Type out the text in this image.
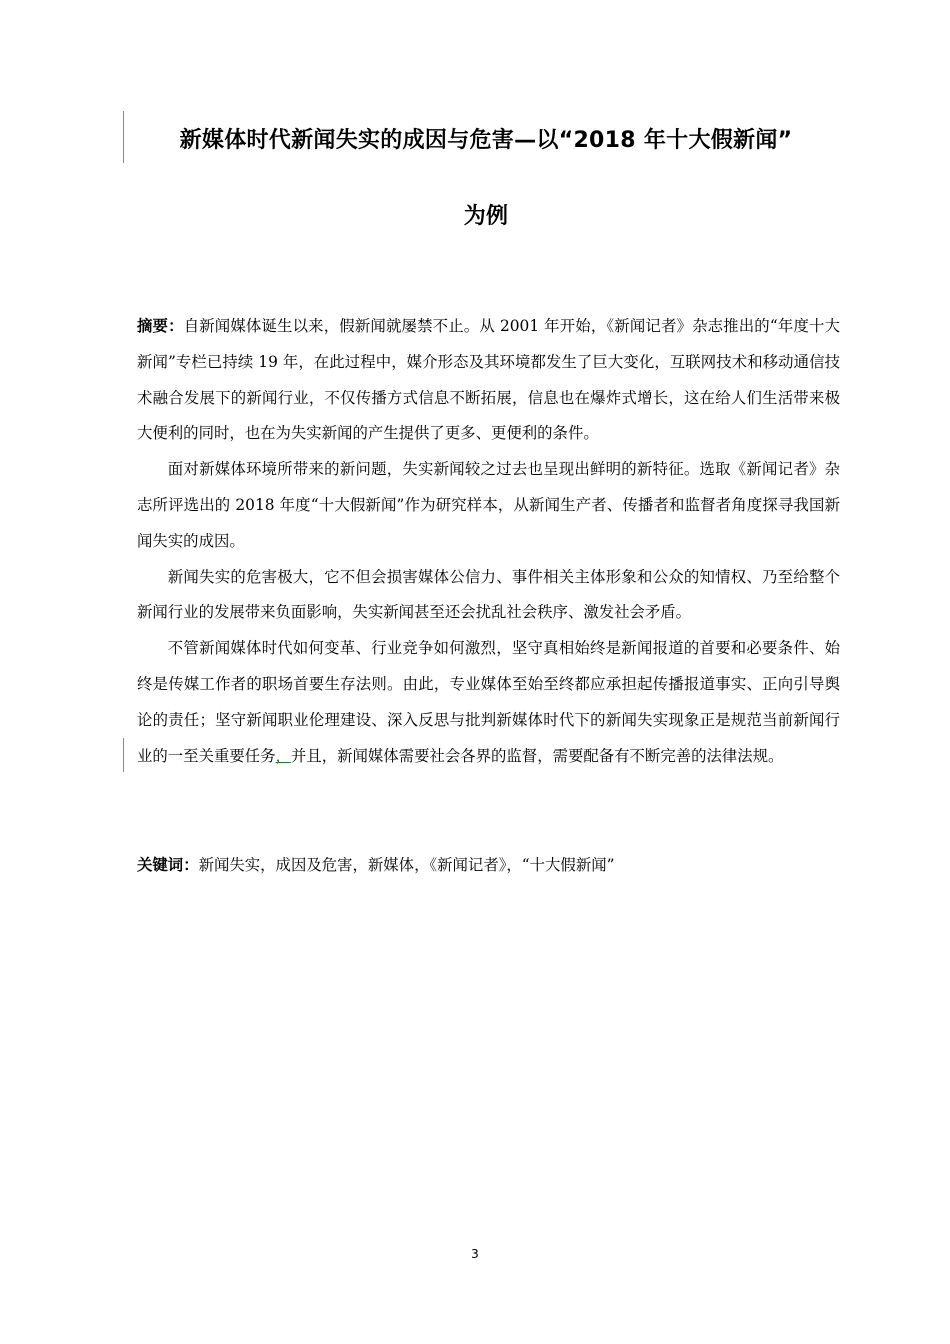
新媒体时代新闻失实的成因与危害—以“2018 年十大假新闻”
为例

摘要：自新闻媒体诞生以来，假新闻就屡禁不止。从 2001 年开始，《新闻记者》杂志推出的“年度十大新闻”专栏已持续 19 年，在此过程中，媒介形态及其环境都发生了巨大变化，互联网技术和移动通信技术融合发展下的新闻行业，不仅传播方式信息不断拓展，信息也在爆炸式增长，这在给人们生活带来极大便利的同时，也在为失实新闻的产生提供了更多、更便利的条件。

面对新媒体环境所带来的新问题，失实新闻较之过去也呈现出鲜明的新特征。选取《新闻记者》杂志所评选出的 2018 年度“十大假新闻”作为研究样本，从新闻生产者、传播者和监督者角度探寻我国新闻失实的成因。

新闻失实的危害极大，它不但会损害媒体公信力、事件相关主体形象和公众的知情权、乃至给整个新闻行业的发展带来负面影响，失实新闻甚至还会扰乱社会秩序、激发社会矛盾。

不管新闻媒体时代如何变革、行业竞争如何激烈，坚守真相始终是新闻报道的首要和必要条件、始终是传媒工作者的职场首要生存法则。由此，专业媒体至始至终都应承担起传播报道事实、正向引导舆论的责任；坚守新闻职业伦理建设、深入反思与批判新媒体时代下的新闻失实现象正是规范当前新闻行业的一至关重要任务，并且，新闻媒体需要社会各界的监督，需要配备有不断完善的法律法规。

关键词：新闻失实，成因及危害，新媒体，《新闻记者》，“十大假新闻”
3
